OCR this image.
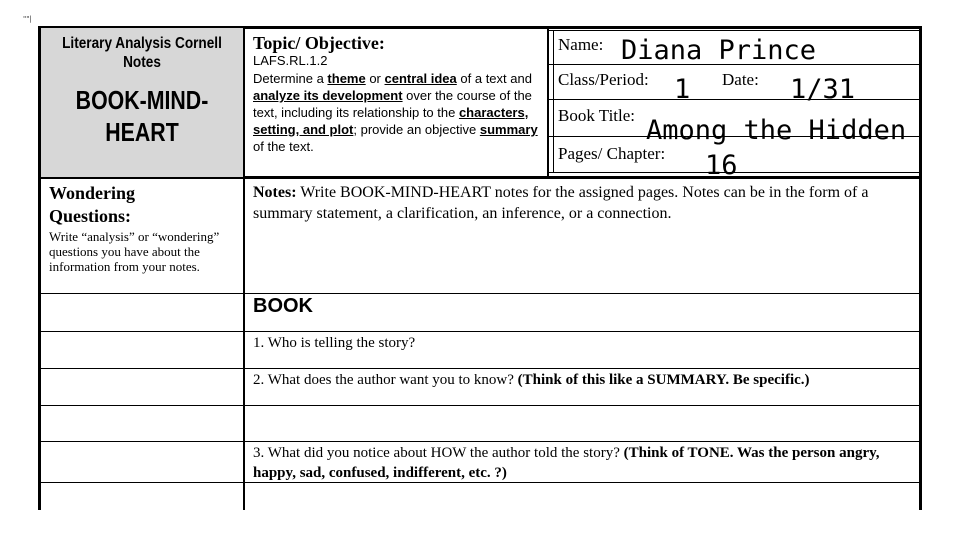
""|
Literary Analysis Cornell
Notes
BOOK-MIND-
HEART
Topic/ Objective:
LAFS.RL.1.2
Determine a theme or central idea of a text and analyze its development over the course of the text, including its relationship to the characters, setting, and plot; provide an objective summary of the text.
Name: Diana Prince
Class/Period: 1 Date: 1/31
Book Title: Among the Hidden
Pages/ Chapter: 16
Wondering
Questions:
Write “analysis” or “wondering” questions you have about the information from your notes.
Notes: Write BOOK-MIND-HEART notes for the assigned pages. Notes can be in the form of a summary statement, a clarification, an inference, or a connection.
BOOK
1. Who is telling the story?
2. What does the author want you to know? (Think of this like a SUMMARY. Be specific.)
3. What did you notice about HOW the author told the story? (Think of TONE. Was the person angry, happy, sad, confused, indifferent, etc. ?)
